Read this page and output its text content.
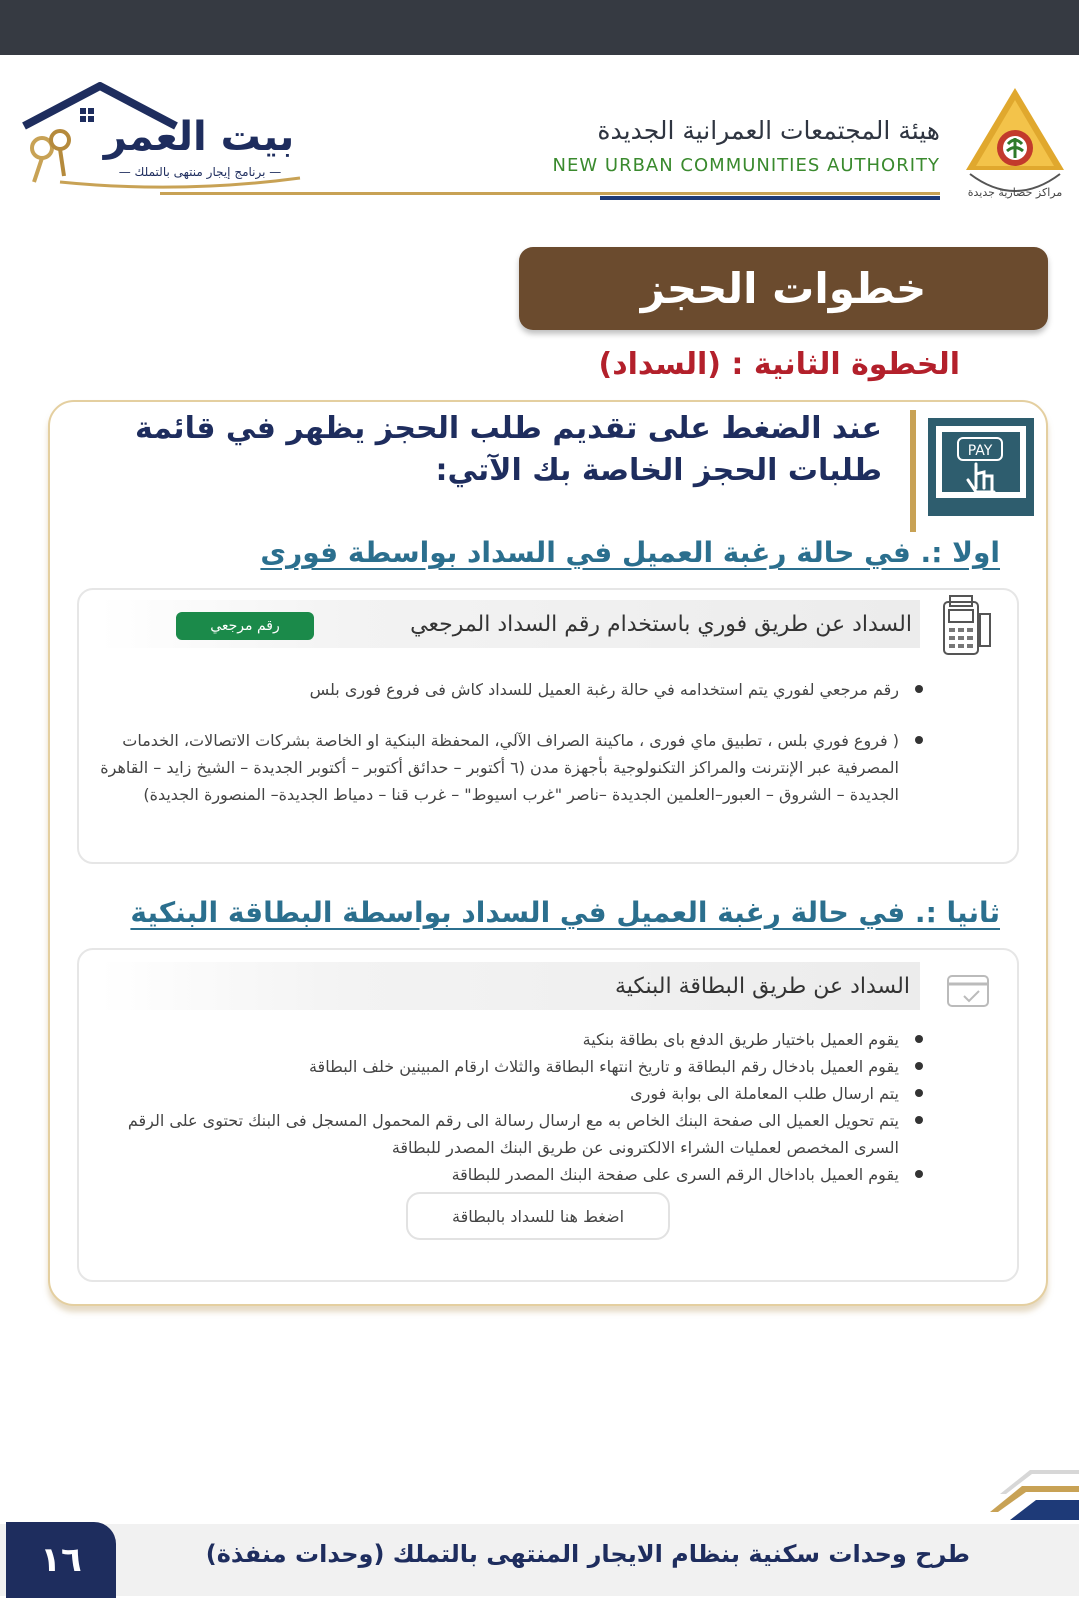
مراكز حضارية جديدة
هيئة المجتمعات العمرانية الجديدة
NEW URBAN COMMUNITIES AUTHORITY
بيت العمر
— برنامج إيجار منتهى بالتملك —
خطوات الحجز
الخطوة الثانية : (السداد)
PAY
عند الضغط على تقديم طلب الحجز يظهر في قائمة طلبات الحجز الخاصة بك الآتي:
اولا :. في حالة رغبة العميل في السداد بواسطة فورى
السداد عن طريق فوري باستخدام رقم السداد المرجعي
رقم مرجعي
رقم مرجعي لفوري يتم استخدامه في حالة رغبة العميل للسداد كاش فى فروع فورى بلس
( فروع فوري بلس ، تطبيق ماي فورى ، ماكينة الصراف الآلي، المحفظة البنكية او الخاصة بشركات الاتصالات، الخدمات المصرفية عبر الإنترنت والمراكز التكنولوجية بأجهزة مدن (٦ أكتوبر – حدائق أكتوبر – أكتوبر الجديدة – الشيخ زايد – القاهرة الجديدة – الشروق – العبور–العلمين الجديدة –ناصر "غرب اسيوط" – غرب قنا – دمياط الجديدة– المنصورة الجديدة)
ثانيا :. في حالة رغبة العميل في السداد بواسطة البطاقة البنكية
السداد عن طريق البطاقة البنكية
يقوم العميل باختيار طريق الدفع باى بطاقة بنكية
يقوم العميل بادخال رقم البطاقة و تاريخ انتهاء البطاقة والثلاث ارقام المبينين خلف البطاقة
يتم ارسال طلب المعاملة الى بوابة فورى
يتم تحويل العميل الى صفحة البنك الخاص به مع ارسال رسالة الى رقم المحمول المسجل فى البنك تحتوى على الرقم السرى المخصص لعمليات الشراء الالكترونى عن طريق البنك المصدر للبطاقة
يقوم العميل باداخال الرقم السرى على صفحة البنك المصدر للبطاقة
اضغط هنا للسداد بالبطاقة
طرح وحدات سكنية بنظام الايجار المنتهى بالتملك (وحدات منفذة)
١٦
